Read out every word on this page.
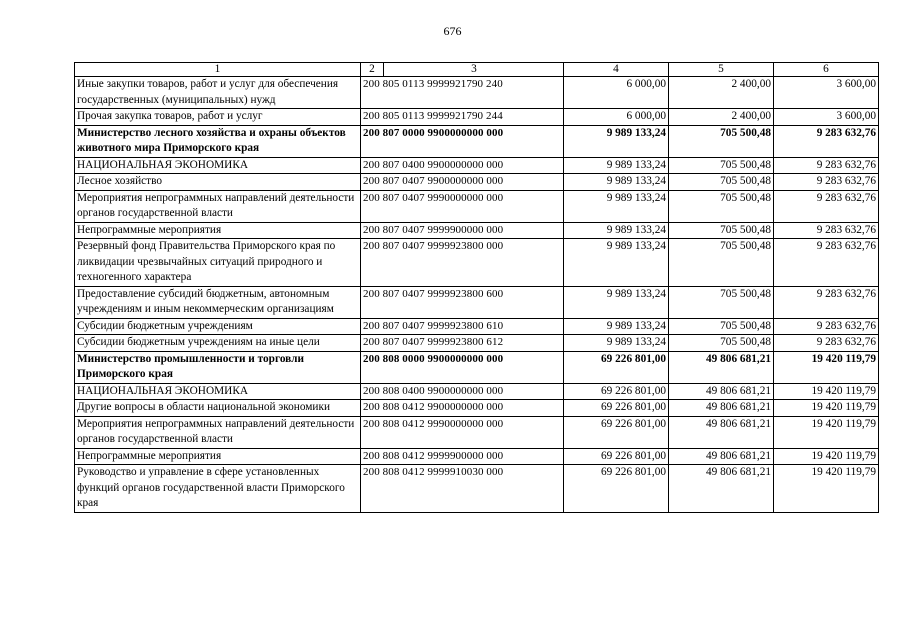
676
1	2 3	4	5	6
Иные закупки товаров, работ и услуг для обеспечения государственных (муниципальных) нужд	200 805 0113 9999921790 240	6 000,00	2 400,00	3 600,00
Прочая закупка товаров, работ и услуг	200 805 0113 9999921790 244	6 000,00	2 400,00	3 600,00
Министерство лесного хозяйства и охраны объектов животного мира Приморского края	200 807 0000 9900000000 000	9 989 133,24	705 500,48	9 283 632,76
НАЦИОНАЛЬНАЯ ЭКОНОМИКА	200 807 0400 9900000000 000	9 989 133,24	705 500,48	9 283 632,76
Лесное хозяйство	200 807 0407 9900000000 000	9 989 133,24	705 500,48	9 283 632,76
Мероприятия непрограммных направлений деятельности органов государственной власти	200 807 0407 9990000000 000	9 989 133,24	705 500,48	9 283 632,76
Непрограммные мероприятия	200 807 0407 9999900000 000	9 989 133,24	705 500,48	9 283 632,76
Резервный фонд Правительства Приморского края по ликвидации чрезвычайных ситуаций природного и техногенного характера	200 807 0407 9999923800 000	9 989 133,24	705 500,48	9 283 632,76
Предоставление субсидий бюджетным, автономным учреждениям и иным некоммерческим организациям	200 807 0407 9999923800 600	9 989 133,24	705 500,48	9 283 632,76
Субсидии бюджетным учреждениям	200 807 0407 9999923800 610	9 989 133,24	705 500,48	9 283 632,76
Субсидии бюджетным учреждениям на иные цели	200 807 0407 9999923800 612	9 989 133,24	705 500,48	9 283 632,76
Министерство промышленности и торговли Приморского края	200 808 0000 9900000000 000	69 226 801,00	49 806 681,21	19 420 119,79
НАЦИОНАЛЬНАЯ ЭКОНОМИКА	200 808 0400 9900000000 000	69 226 801,00	49 806 681,21	19 420 119,79
Другие вопросы в области национальной экономики	200 808 0412 9900000000 000	69 226 801,00	49 806 681,21	19 420 119,79
Мероприятия непрограммных направлений деятельности органов государственной власти	200 808 0412 9990000000 000	69 226 801,00	49 806 681,21	19 420 119,79
Непрограммные мероприятия	200 808 0412 9999900000 000	69 226 801,00	49 806 681,21	19 420 119,79
Руководство и управление в сфере установленных функций органов государственной власти Приморского края	200 808 0412 9999910030 000	69 226 801,00	49 806 681,21	19 420 119,79
